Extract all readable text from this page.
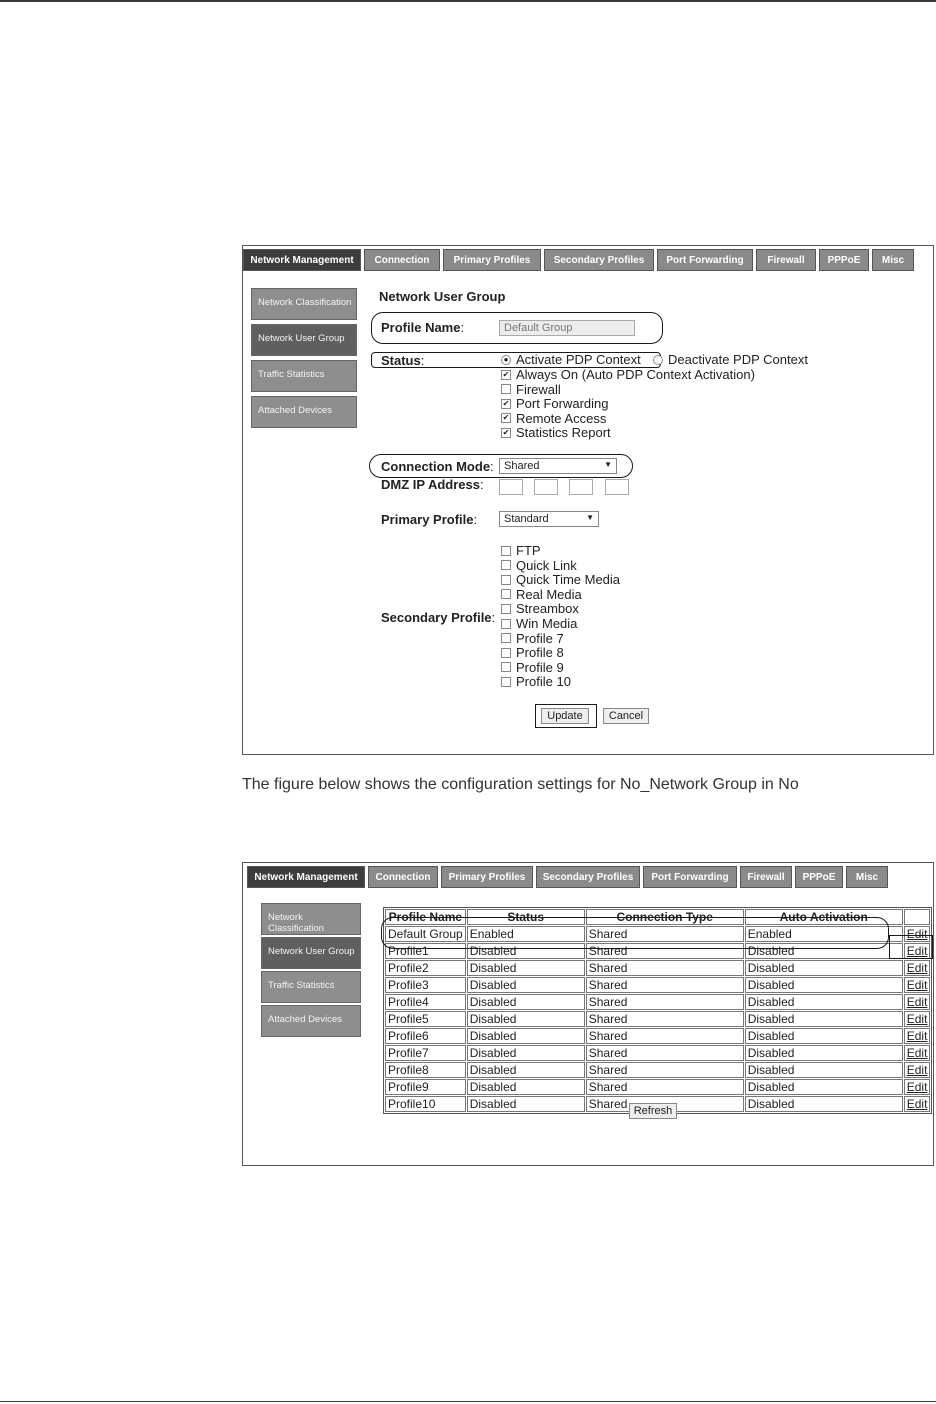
Network Management	Connection	Primary Profiles	Secondary Profiles	Port Forwarding	Firewall	PPPoE	Misc
Network Classification
Network User Group
Traffic Statistics
Attached Devices
Network User Group
Profile Name:	Default Group
Status:	● Activate PDP Context	Deactivate PDP Context
✔ Always On (Auto PDP Context Activation)
Firewall
✔ Port Forwarding
✔ Remote Access
✔ Statistics Report
Connection Mode: Shared	▼
DMZ IP Address:
Primary Profile:	Standard	▼
Secondary Profile:
FTP
Quick Link
Quick Time Media
Real Media
Streambox
Win Media
Profile 7
Profile 8
Profile 9
Profile 10
Update	Cancel
The figure below shows the configuration settings for No_Network Group in No
Network Management	Connection	Primary Profiles	Secondary Profiles	Port Forwarding	Firewall	PPPoE	Misc
Network Classification
Network User Group
Traffic Statistics
Attached Devices
Profile Name	Status	Connection Type	Auto Activation	
Default Group	Enabled	Shared	Enabled	Edit
Profile1	Disabled	Shared	Disabled	Edit
Profile2	Disabled	Shared	Disabled	Edit
Profile3	Disabled	Shared	Disabled	Edit
Profile4	Disabled	Shared	Disabled	Edit
Profile5	Disabled	Shared	Disabled	Edit
Profile6	Disabled	Shared	Disabled	Edit
Profile7	Disabled	Shared	Disabled	Edit
Profile8	Disabled	Shared	Disabled	Edit
Profile9	Disabled	Shared	Disabled	Edit
Profile10	Disabled	Shared	Disabled	Edit
Refresh
